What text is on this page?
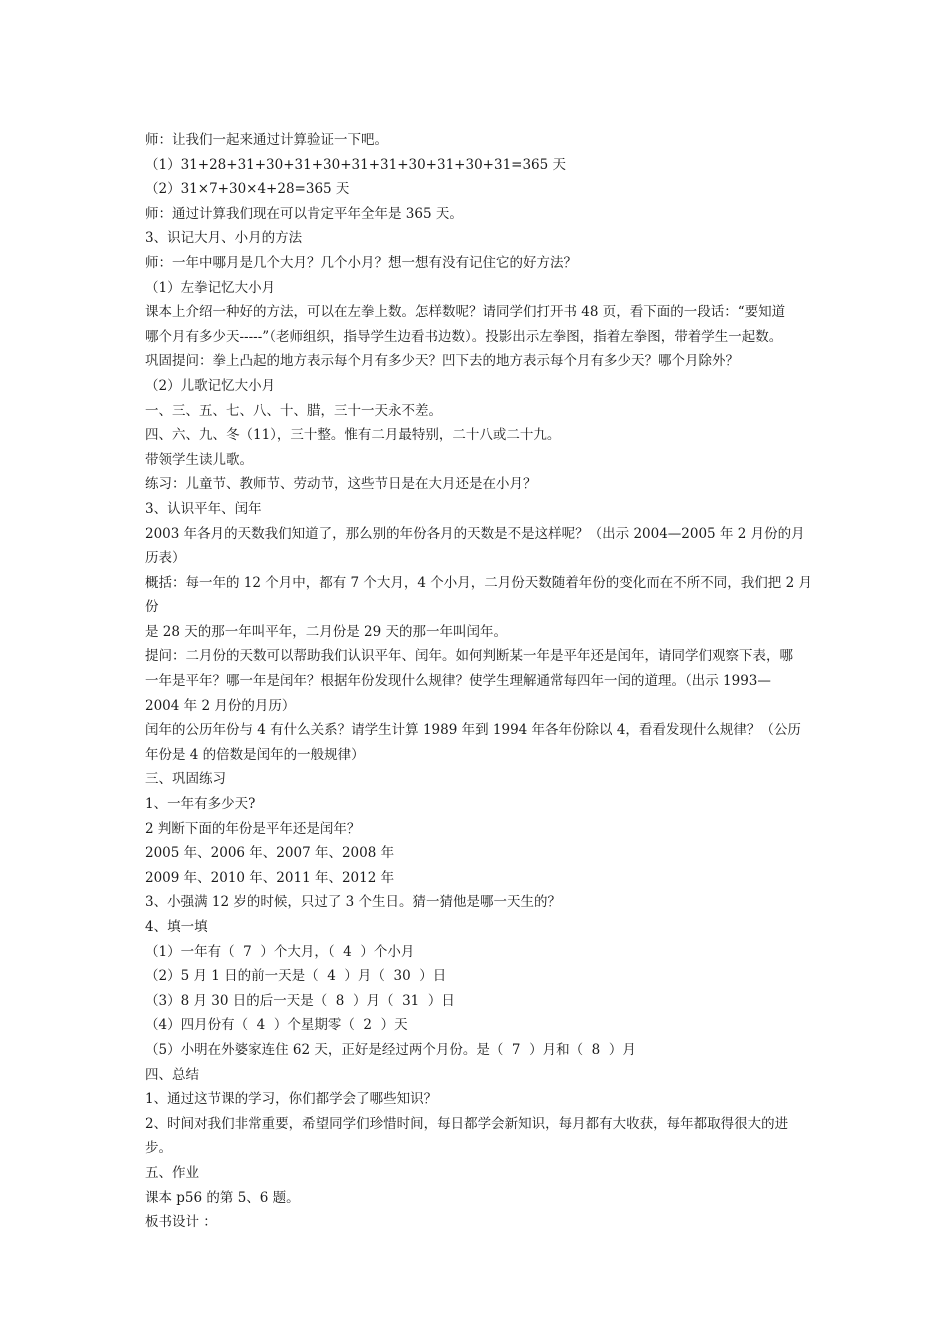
师：让我们一起来通过计算验证一下吧。

（1）31+28+31+30+31+30+31+31+30+31+30+31=365 天

（2）31×7+30×4+28=365 天

师：通过计算我们现在可以肯定平年全年是 365 天。

3、识记大月、小月的方法

师：一年中哪月是几个大月？几个小月？想一想有没有记住它的好方法？

（1）左拳记忆大小月

课本上介绍一种好的方法，可以在左拳上数。怎样数呢？请同学们打开书 48 页，看下面的一段话：“要知道

哪个月有多少天-----”（老师组织，指导学生边看书边数）。投影出示左拳图，指着左拳图，带着学生一起数。

巩固提问：拳上凸起的地方表示每个月有多少天？凹下去的地方表示每个月有多少天？哪个月除外？

（2）儿歌记忆大小月

一、三、五、七、八、十、腊，三十一天永不差。

四、六、九、冬（11），三十整。惟有二月最特别，二十八或二十九。

带领学生读儿歌。

练习：儿童节、教师节、劳动节，这些节日是在大月还是在小月？

3、认识平年、闰年

2003 年各月的天数我们知道了，那么别的年份各月的天数是不是这样呢？（出示 2004—2005 年 2 月份的月

历表）

概括：每一年的 12 个月中，都有 7 个大月，4 个小月，二月份天数随着年份的变化而在不所不同，我们把 2 月份

是 28 天的那一年叫平年，二月份是 29 天的那一年叫闰年。

提问：二月份的天数可以帮助我们认识平年、闰年。如何判断某一年是平年还是闰年，请同学们观察下表，哪

一年是平年？哪一年是闰年？根据年份发现什么规律？使学生理解通常每四年一闰的道理。（出示 1993—

2004 年 2 月份的月历）

闰年的公历年份与 4 有什么关系？请学生计算 1989 年到 1994 年各年份除以 4，看看发现什么规律？（公历

年份是 4 的倍数是闰年的一般规律）

三、巩固练习

1、一年有多少天?

2 判断下面的年份是平年还是闰年？

2005 年、2006 年、2007 年、2008 年

2009 年、2010 年、2011 年、2012 年

3、小强满 12 岁的时候，只过了 3 个生日。猜一猜他是哪一天生的？

4、填一填

（1）一年有（  7  ）个大月，（  4  ）个小月

（2）5 月 1 日的前一天是（  4  ）月（  30  ）日

（3）8 月 30 日的后一天是（  8  ）月（  31  ）日

（4）四月份有（  4  ）个星期零（  2  ）天

（5）小明在外婆家连住 62 天，正好是经过两个月份。是（  7  ）月和（  8  ）月

四、总结

1、通过这节课的学习，你们都学会了哪些知识？

2、时间对我们非常重要，希望同学们珍惜时间，每日都学会新知识，每月都有大收获，每年都取得很大的进

步。

五、作业

课本 p56 的第 5、6 题。

板书设计 ：
